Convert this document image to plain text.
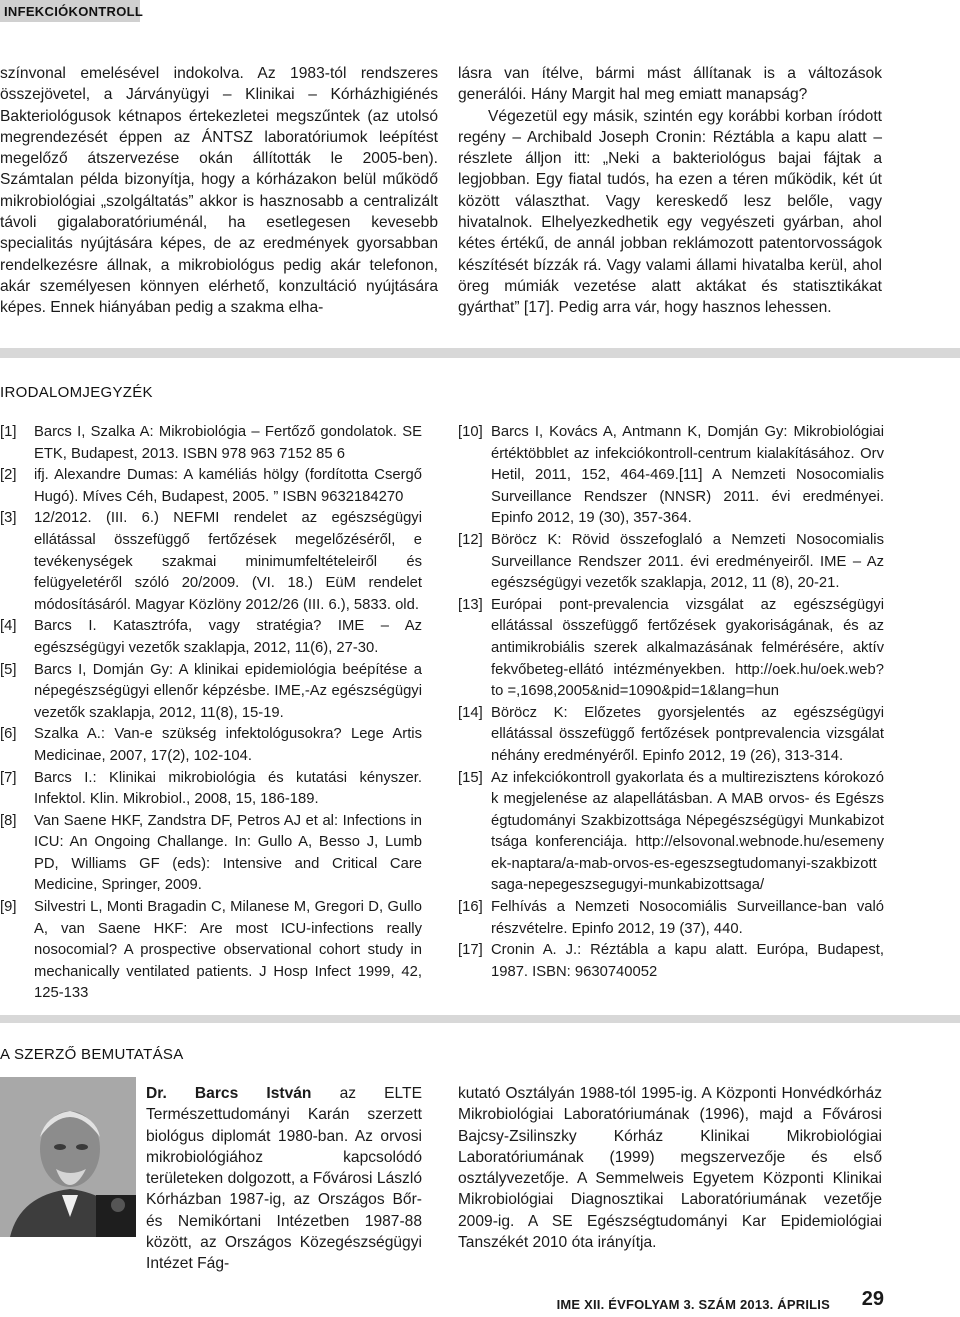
INFEKCIÓKONTROLL

színvonal emelésével indokolva. Az 1983-tól rendszeres összejövetel, a Járványügyi – Klinikai – Kórházhigiénés Bakteriológusok kétnapos értekezletei megszűntek (az utolsó megrendezését éppen az ÁNTSZ laboratóriumok leépítést megelőző átszervezése okán állították le 2005-ben). Számtalan példa bizonyítja, hogy a kórházakon belül működő mikrobiológiai „szolgáltatás” akkor is hasznosabb a centralizált távoli gigalaboratóriuménál, ha esetlegesen kevesebb specialitás nyújtására képes, de az eredmények gyorsabban rendelkezésre állnak, a mikrobiológus pedig akár telefonon, akár személyesen könnyen elérhető, konzultáció nyújtására képes. Ennek hiányában pedig a szakma elha-

lásra van ítélve, bármi mást állítanak is a változások generálói. Hány Margit hal meg emiatt manapság?

Végezetül egy másik, szintén egy korábbi korban íródott regény – Archibald Joseph Cronin: Réztábla a kapu alatt – részlete álljon itt: „Neki a bakteriológus bajai fájtak a legjobban. Egy fiatal tudós, ha ezen a téren működik, két út között választhat. Vagy kereskedő lesz belőle, vagy hivatalnok. Elhelyezkedhetik egy vegyészeti gyárban, ahol kétes értékű, de annál jobban reklámozott patentorvosságok készítését bízzák rá. Vagy valami állami hivatalba kerül, ahol öreg múmiák vezetése alatt aktákat és statisztikákat gyárthat” [17]. Pedig arra vár, hogy hasznos lehessen.

IRODALOMJEGYZÉK
[1]	Barcs I, Szalka A: Mikrobiológia – Fertőző gondolatok. SE ETK, Budapest, 2013. ISBN 978 963 7152 85 6
[2]	ifj. Alexandre Dumas: A kaméliás hölgy (fordította Csergő Hugó). Míves Céh, Budapest, 2005. ” ISBN 9632184270
[3]	12/2012. (III. 6.) NEFMI rendelet az egészségügyi ellátással összefüggő fertőzések megelőzéséről, e tevékenységek szakmai minimumfeltételeiről és felügyeletéről szóló 20/2009. (VI. 18.) EüM rendelet módosításáról. Magyar Közlöny 2012/26 (III. 6.), 5833. old.
[4]	Barcs I. Katasztrófa, vagy stratégia? IME – Az egészségügyi vezetők szaklapja, 2012, 11(6), 27-30.
[5]	Barcs I, Domján Gy: A klinikai epidemiológia beépítése a népegészségügyi ellenőr képzésbe. IME,-Az egészségügyi vezetők szaklapja, 2012, 11(8), 15-19.
[6]	Szalka A.: Van-e szükség infektológusokra? Lege Artis Medicinae, 2007, 17(2), 102-104.
[7]	Barcs I.: Klinikai mikrobiológia és kutatási kényszer. Infektol. Klin. Mikrobiol., 2008, 15, 186-189.
[8]	Van Saene HKF, Zandstra DF, Petros AJ et al: Infections in ICU: An Ongoing Challange. In: Gullo A, Besso J, Lumb PD, Williams GF (eds): Intensive and Critical Care Medicine, Springer, 2009.
[9]	Silvestri L, Monti Bragadin C, Milanese M, Gregori D, Gullo A, van Saene HKF: Are most ICU-infections really nosocomial? A prospective observational cohort study in mechanically ventilated patients. J Hosp Infect 1999, 42, 125-133
[10] Barcs I, Kovács A, Antmann K, Domján Gy: Mikrobiológiai értéktöbblet az infekciókontroll-centrum kialakításához. Orv Hetil, 2011, 152, 464-469.[11] A Nemzeti Nosocomialis Surveillance Rendszer (NNSR) 2011. évi eredményei. Epinfo 2012, 19 (30), 357-364.
[12] Böröcz K: Rövid összefoglaló a Nemzeti Nosocomialis Surveillance Rendszer 2011. évi eredményeiről. IME – Az egészségügyi vezetők szaklapja, 2012, 11 (8), 20-21.
[13] Európai pont-prevalencia vizsgálat az egészségügyi ellátással összefüggő fertőzések gyakoriságának, és az antimikrobiális szerek alkalmazásának felmérésére, aktív fekvőbeteg-ellátó intézményekben. http://oek.hu/oek.web?to =,1698,2005&nid=1090&pid=1&lang=hun
[14] Böröcz K: Előzetes gyorsjelentés az egészségügyi ellátással összefüggő fertőzések pontprevalencia vizsgálat néhány eredményéről. Epinfo 2012, 19 (26), 313-314.
[15] Az infekciókontroll gyakorlata és a multirezisztens kórokozók megjelenése az alapellátásban. A MAB orvos- és Egészségtudományi Szakbizottsága Népegészségügyi Munkabizottsága konferenciája. http://elsovonal.webnode.hu/esemenyek-naptara/a-mab-orvos-es-egeszsegtudomanyi-szakbizottsaga-nepegeszsegugyi-munkabizottsaga/
[16] Felhívás a Nemzeti Nosocomiális Surveillance-ban való részvételre. Epinfo 2012, 19 (37), 440.
[17] Cronin A. J.: Réztábla a kapu alatt. Európa, Budapest, 1987. ISBN: 9630740052
A SZERZŐ BEMUTATÁSA

Dr. Barcs István az ELTE Természettudományi Karán szerzett biológus diplomát 1980-ban. Az orvosi mikrobiológiához kapcsolódó területeken dolgozott, a Fővárosi László Kórházban 1987-ig, az Országos Bőr- és Nemikórtani Intézetben 1987-88 között, az Országos Közegészségügyi Intézet Fág-

kutató Osztályán 1988-tól 1995-ig. A Központi Honvédkórház Mikrobiológiai Laboratóriumának (1996), majd a Fővárosi Bajcsy-Zsilinszky Kórház Klinikai Mikrobiológiai Laboratóriumának (1999) megszervezője és első osztályvezetője. A Semmelweis Egyetem Központi Klinikai Mikrobiológiai Diagnosztikai Laboratóriumának vezetője 2009-ig. A SE Egészségtudományi Kar Epidemiológiai Tanszékét 2010 óta irányítja.

IME XII. ÉVFOLYAM 3. SZÁM 2013. ÁPRILIS 29
